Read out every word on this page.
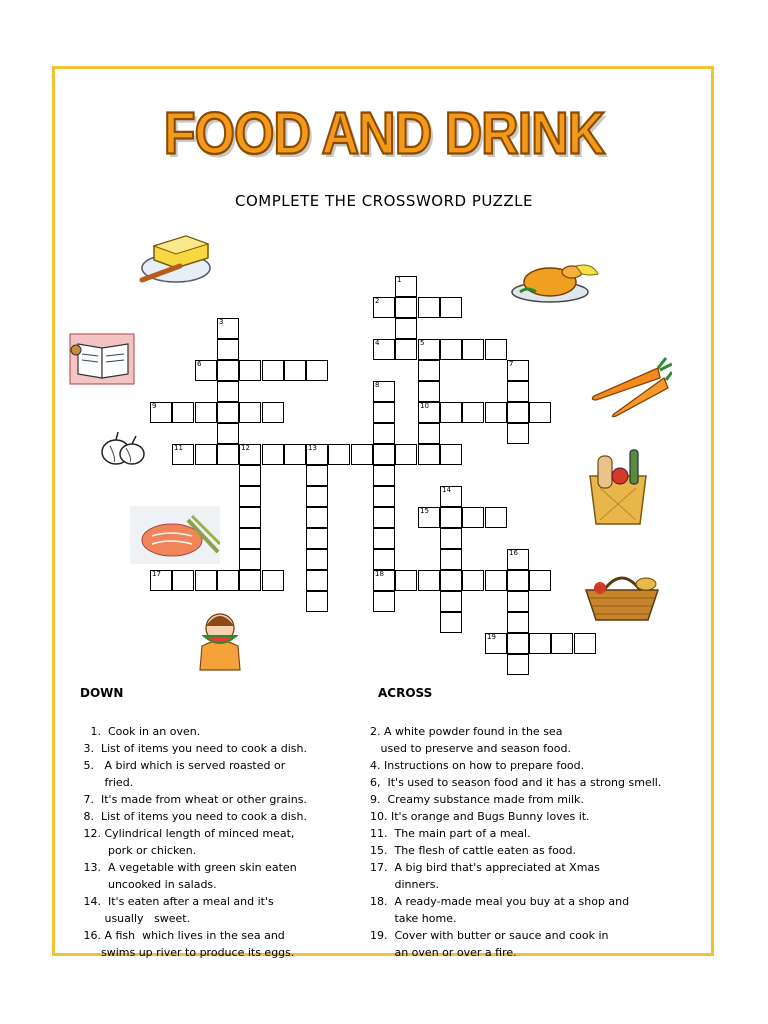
FOOD AND DRINK
COMPLETE THE CROSSWORD PUZZLE
1
2
3
4	5
6	7
8
18
9	10
11	12	13
14
15
16
17
19
DOWN	ACROSS
1.  Cook in an oven.
3.  List of items you need to cook a dish.
5.   A bird which is served roasted or
fried.
7.  It's made from wheat or other grains.
8.  List of items you need to cook a dish.
12. Cylindrical length of minced meat,
pork or chicken.
13.  A vegetable with green skin eaten
uncooked in salads.
14.  It's eaten after a meal and it's
usually   sweet.
16. A fish  which lives in the sea and
swims up river to produce its eggs.
2. A white powder found in the sea
used to preserve and season food.
4. Instructions on how to prepare food.
6,  It's used to season food and it has a strong smell.
9.  Creamy substance made from milk.
10. It's orange and Bugs Bunny loves it.
11.  The main part of a meal.
15.  The flesh of cattle eaten as food.
17.  A big bird that's appreciated at Xmas
dinners.
18.  A ready-made meal you buy at a shop and
take home.
19.  Cover with butter or sauce and cook in
an oven or over a fire.
